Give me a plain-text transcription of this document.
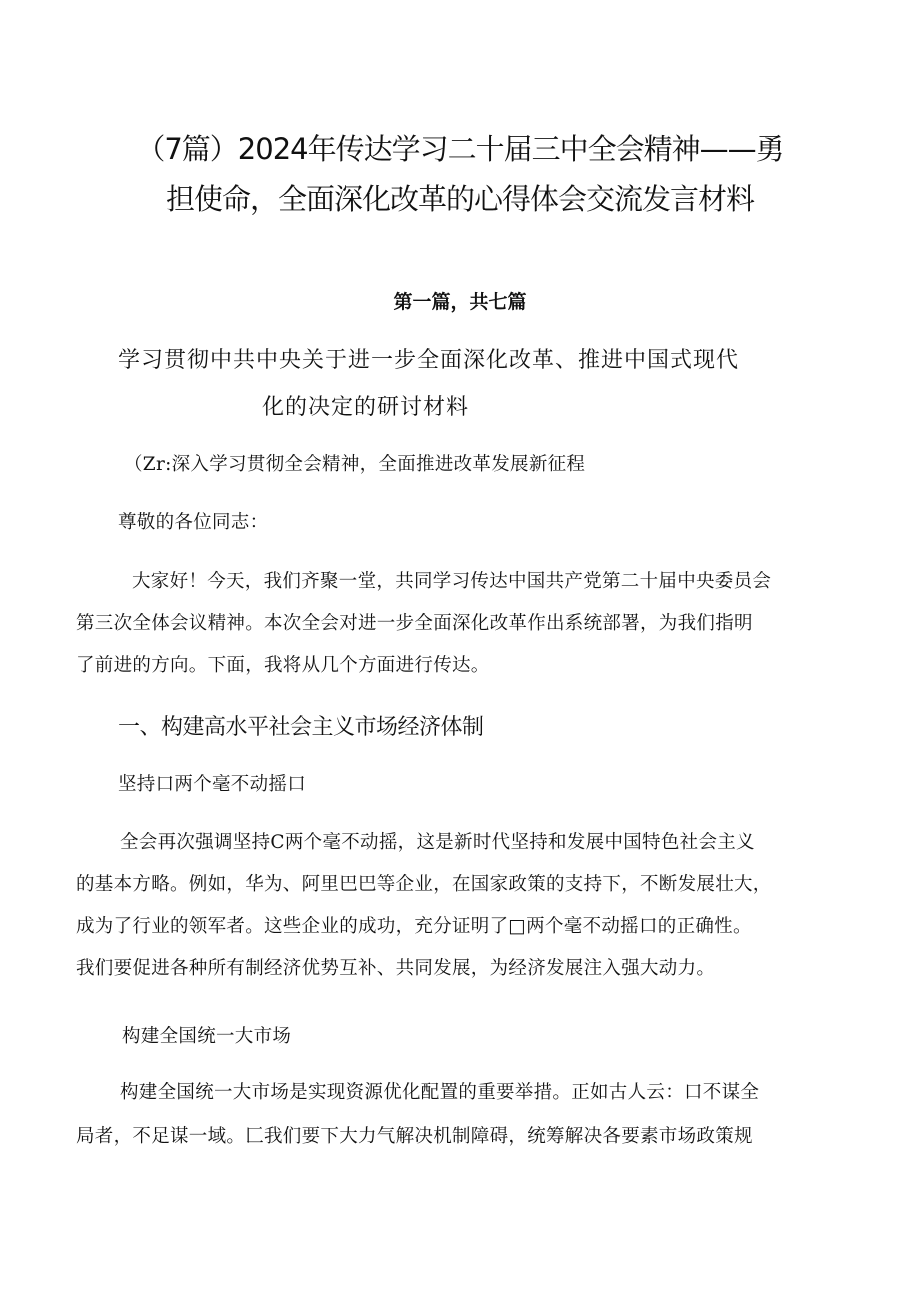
（7篇）2024年传达学习二十届三中全会精神——勇
担使命，全面深化改革的心得体会交流发言材料
第一篇，共七篇
学习贯彻中共中央关于进一步全面深化改革、推进中国式现代
化的决定的研讨材料
（Zr:深入学习贯彻全会精神，全面推进改革发展新征程
尊敬的各位同志：
大家好！今天，我们齐聚一堂，共同学习传达中国共产党第二十届中央委员会
第三次全体会议精神。本次全会对进一步全面深化改革作出系统部署，为我们指明
了前进的方向。下面，我将从几个方面进行传达。
一、构建高水平社会主义市场经济体制
坚持口两个毫不动摇口
全会再次强调坚持C两个毫不动摇，这是新时代坚持和发展中国特色社会主义
的基本方略。例如，华为、阿里巴巴等企业，在国家政策的支持下，不断发展壮大，
成为了行业的领军者。这些企业的成功，充分证明了□两个毫不动摇口的正确性。
我们要促进各种所有制经济优势互补、共同发展，为经济发展注入强大动力。
构建全国统一大市场
构建全国统一大市场是实现资源优化配置的重要举措。正如古人云：口不谋全
局者，不足谋一域。匚我们要下大力气解决机制障碍，统筹解决各要素市场政策规
